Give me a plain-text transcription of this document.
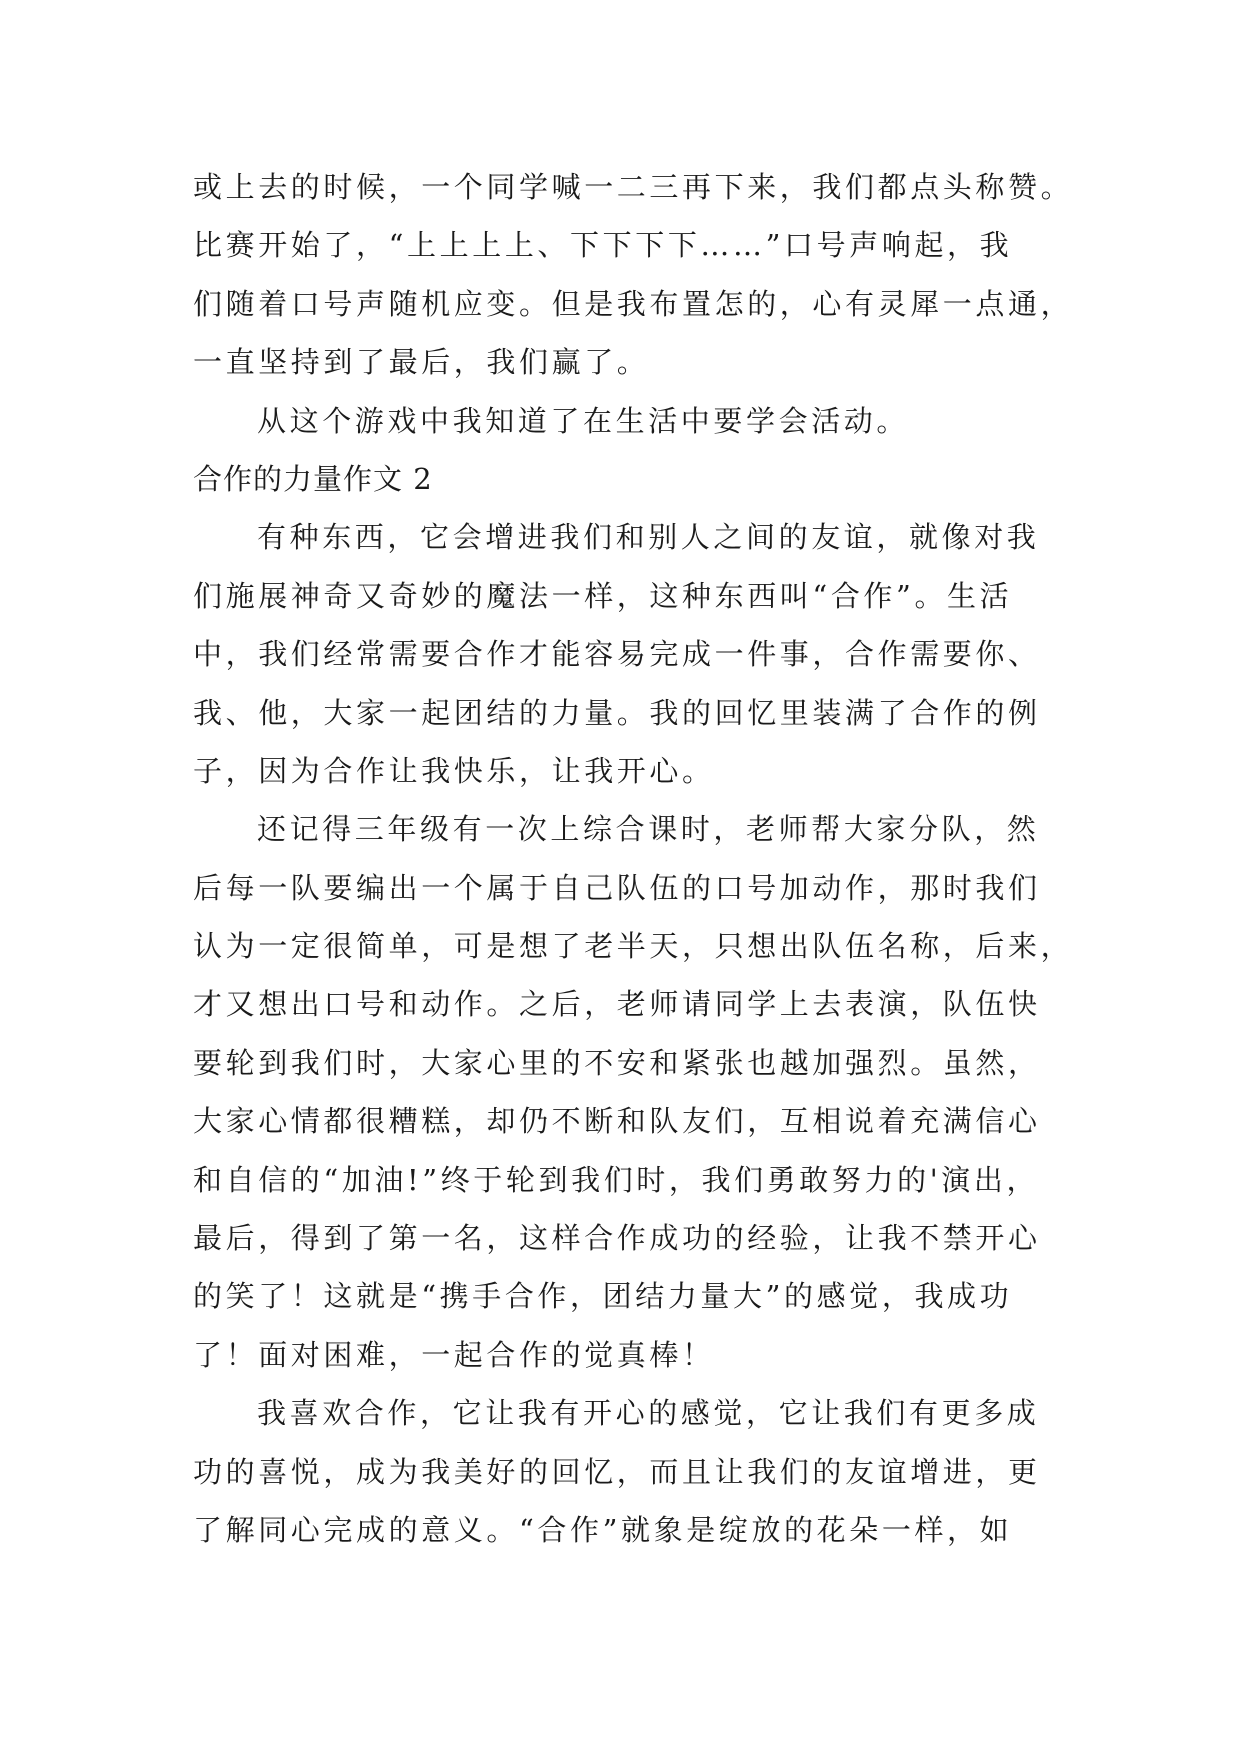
或上去的时候，一个同学喊一二三再下来，我们都点头称赞。
比赛开始了，“上上上上、下下下下……”口号声响起，我
们随着口号声随机应变。但是我布置怎的，心有灵犀一点通，
一直坚持到了最后，我们赢了。
从这个游戏中我知道了在生活中要学会活动。
合作的力量作文 2
有种东西，它会增进我们和别人之间的友谊，就像对我
们施展神奇又奇妙的魔法一样，这种东西叫“合作”。生活
中，我们经常需要合作才能容易完成一件事，合作需要你、
我、他，大家一起团结的力量。我的回忆里装满了合作的例
子，因为合作让我快乐，让我开心。
还记得三年级有一次上综合课时，老师帮大家分队，然
后每一队要编出一个属于自己队伍的口号加动作，那时我们
认为一定很简单，可是想了老半天，只想出队伍名称，后来，
才又想出口号和动作。之后，老师请同学上去表演，队伍快
要轮到我们时，大家心里的不安和紧张也越加强烈。虽然，
大家心情都很糟糕，却仍不断和队友们，互相说着充满信心
和自信的“加油!”终于轮到我们时，我们勇敢努力的'演出，
最后，得到了第一名，这样合作成功的经验，让我不禁开心
的笑了！这就是“携手合作，团结力量大”的感觉，我成功
了！面对困难，一起合作的觉真棒！
我喜欢合作，它让我有开心的感觉，它让我们有更多成
功的喜悦，成为我美好的回忆，而且让我们的友谊增进，更
了解同心完成的意义。“合作”就象是绽放的花朵一样，如
